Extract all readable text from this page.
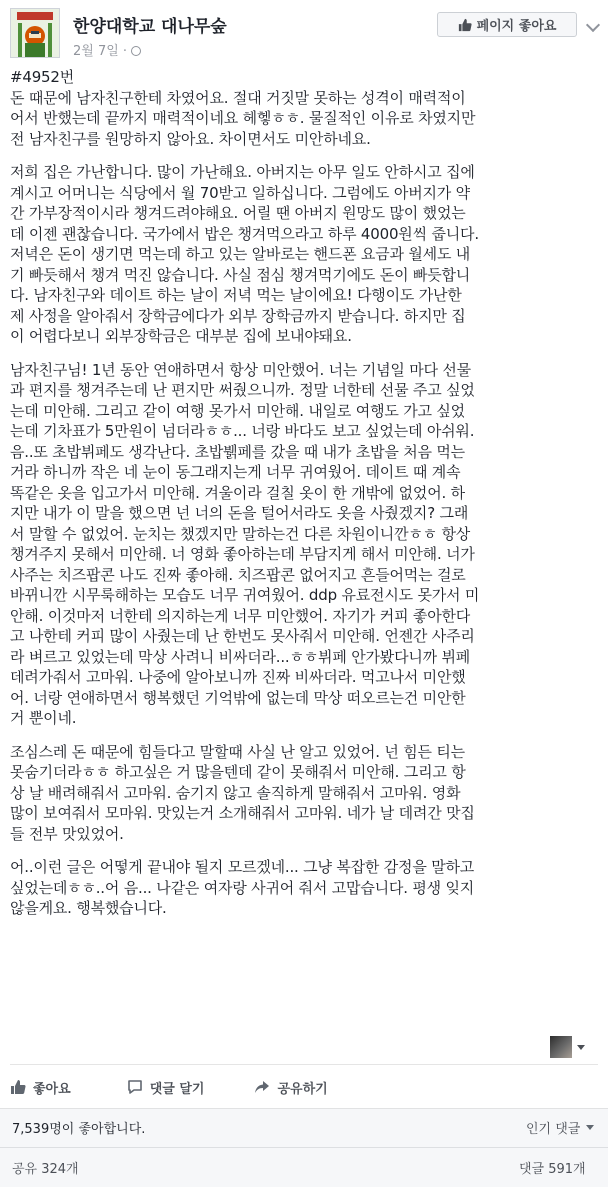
한양대학교 대나무숲
2월 7일 ·
페이지 좋아요

#4952번

돈 때문에 남자친구한테 차였어요. 절대 거짓말 못하는 성격이 매력적이

어서 반했는데 끝까지 매력적이네요 헤헿ㅎㅎ. 물질적인 이유로 차였지만

전 남자친구를 원망하지 않아요. 차이면서도 미안하네요.

저희 집은 가난합니다. 많이 가난해요. 아버지는 아무 일도 안하시고 집에

계시고 어머니는 식당에서 월 70받고 일하십니다. 그럼에도 아버지가 약

간 가부장적이시라 챙겨드려야해요. 어릴 땐 아버지 원망도 많이 했었는

데 이젠 괜찮습니다. 국가에서 밥은 챙겨먹으라고 하루 4000원씩 줍니다.

저녁은 돈이 생기면 먹는데 하고 있는 알바로는 핸드폰 요금과 월세도 내

기 빠듯해서 챙겨 먹진 않습니다. 사실 점심 챙겨먹기에도 돈이 빠듯합니

다. 남자친구와 데이트 하는 날이 저녁 먹는 날이에요! 다행이도 가난한

제 사정을 알아줘서 장학금에다가 외부 장학금까지 받습니다. 하지만 집

이 어렵다보니 외부장학금은 대부분 집에 보내야돼요.

남자친구님! 1년 동안 연애하면서 항상 미안했어. 너는 기념일 마다 선물

과 편지를 챙겨주는데 난 편지만 써줬으니까. 정말 너한테 선물 주고 싶었

는데 미안해. 그리고 같이 여행 못가서 미안해. 내일로 여행도 가고 싶었

는데 기차표가 5만원이 넘더라ㅎㅎ... 너랑 바다도 보고 싶었는데 아쉬워.

음..또 초밥뷔페도 생각난다. 초밥뷁페를 갔을 때 내가 초밥을 처음 먹는

거라 하니까 작은 네 눈이 동그래지는게 너무 귀여웠어. 데이트 때 계속

똑같은 옷을 입고가서 미안해. 겨울이라 걸칠 옷이 한 개밖에 없었어. 하

지만 내가 이 말을 했으면 넌 너의 돈을 털어서라도 옷을 사줬겠지? 그래

서 말할 수 없었어. 눈치는 챘겠지만 말하는건 다른 차원이니깐ㅎㅎ 항상

챙겨주지 못해서 미안해. 너 영화 좋아하는데 부담지게 해서 미안해. 너가

사주는 치즈팝콘 나도 진짜 좋아해. 치즈팝콘 없어지고 흔들어먹는 걸로

바뀌니깐 시무룩해하는 모습도 너무 귀여웠어. ddp 유료전시도 못가서 미

안해. 이것마저 너한테 의지하는게 너무 미안했어. 자기가 커피 좋아한다

고 나한테 커피 많이 사줬는데 난 한번도 못사줘서 미안해. 언젠간 사주리

라 벼르고 있었는데 막상 사려니 비싸더라...ㅎㅎ뷔페 안가봤다니까 뷔페

데려가줘서 고마워. 나중에 알아보니까 진짜 비싸더라. 먹고나서 미안했

어. 너랑 연애하면서 행복했던 기억밖에 없는데 막상 떠오르는건 미안한

거 뿐이네.

조심스레 돈 때문에 힘들다고 말할때 사실 난 알고 있었어. 넌 힘든 티는

못숨기더라ㅎㅎ 하고싶은 거 많을텐데 같이 못해줘서 미안해. 그리고 항

상 날 배려해줘서 고마워. 숨기지 않고 솔직하게 말해줘서 고마워. 영화

많이 보여줘서 모마워. 맛있는거 소개해줘서 고마워. 네가 날 데려간 맛집

들 전부 맛있었어.

어..이런 글은 어떻게 끝내야 될지 모르겠네... 그냥 복잡한 감정을 말하고

싶었는데ㅎㅎ..어 음... 나같은 여자랑 사귀어 줘서 고맙습니다. 평생 잊지

않을게요. 행복했습니다.

좋아요	댓글 달기	공유하기
7,539명이 좋아합니다.	인기 댓글
공유 324개	댓글 591개
